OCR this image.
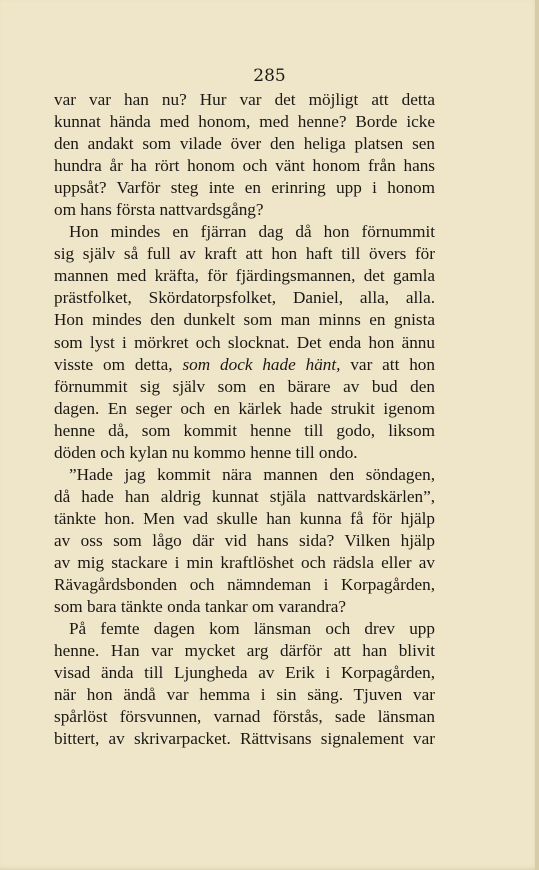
285
var var han nu? Hur var det möjligt att detta
kunnat hända med honom, med henne? Borde icke
den andakt som vilade över den heliga platsen sen
hundra år ha rört honom och vänt honom från hans
uppsåt? Varför steg inte en erinring upp i honom
om hans första nattvardsgång?
Hon mindes en fjärran dag då hon förnummit
sig själv så full av kraft att hon haft till övers för
mannen med kräfta, för fjärdingsmannen, det gamla
prästfolket, Skördatorpsfolket, Daniel, alla, alla.
Hon mindes den dunkelt som man minns en gnista
som lyst i mörkret och slocknat. Det enda hon ännu
visste om detta, som dock hade hänt, var att hon
förnummit sig själv som en bärare av bud den
dagen. En seger och en kärlek hade strukit igenom
henne då, som kommit henne till godo, liksom
döden och kylan nu kommo henne till ondo.
”Hade jag kommit nära mannen den söndagen,
då hade han aldrig kunnat stjäla nattvardskärlen”,
tänkte hon. Men vad skulle han kunna få för hjälp
av oss som lågo där vid hans sida? Vilken hjälp
av mig stackare i min kraftlöshet och rädsla eller av
Rävagårdsbonden och nämndeman i Korpagården,
som bara tänkte onda tankar om varandra?
På femte dagen kom länsman och drev upp
henne. Han var mycket arg därför att han blivit
visad ända till Ljungheda av Erik i Korpagården,
när hon ändå var hemma i sin säng. Tjuven var
spårlöst försvunnen, varnad förstås, sade länsman
bittert, av skrivarpacket. Rättvisans signalement var
